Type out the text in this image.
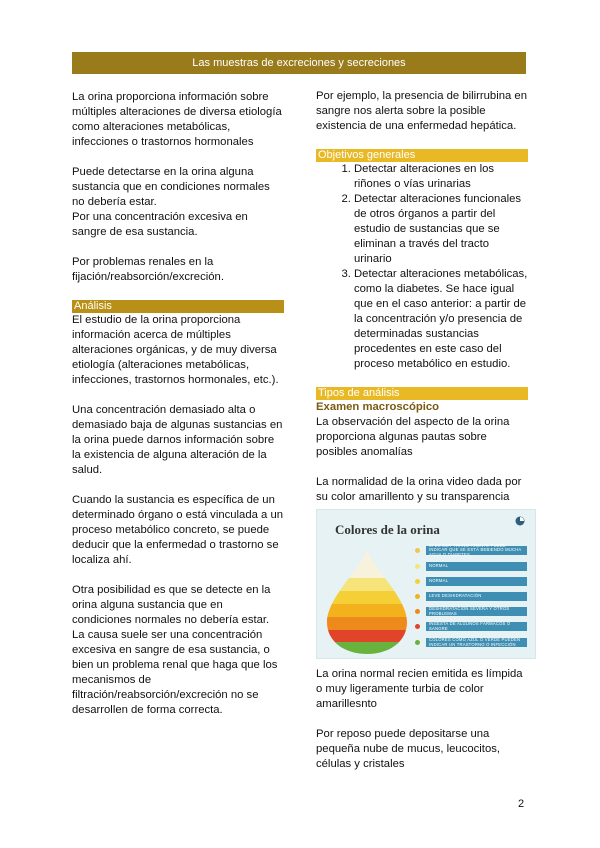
Las muestras de excreciones y secreciones

La orina proporciona información sobre múltiples alteraciones de diversa etiología como alteraciones metabólicas, infecciones o trastornos hormonales

Puede detectarse en la orina alguna sustancia que en condiciones normales no debería estar.

Por una concentración excesiva en sangre de esa sustancia.

Por problemas renales en la fijación/reabsorción/excreción.

Análisis

El estudio de la orina proporciona información acerca de múltiples alteraciones orgánicas, y de muy diversa etiología (alteraciones metabólicas, infecciones, trastornos hormonales, etc.).

Una concentración demasiado alta o demasiado baja de algunas sustancias en la orina puede darnos información sobre la existencia de alguna alteración de la salud.

Cuando la sustancia es específica de un determinado órgano o está vinculada a un proceso metabólico concreto, se puede deducir que la enfermedad o trastorno se localiza ahí.

Otra posibilidad es que se detecte en la orina alguna sustancia que en condiciones normales no debería estar. La causa suele ser una concentración excesiva en sangre de esa sustancia, o bien un problema renal que haga que los mecanismos de filtración/reabsorción/excreción no se desarrollen de forma correcta.

Por ejemplo, la presencia de bilirrubina en sangre nos alerta sobre la posible existencia de una enfermedad hepática.

Objetivos generales
1. Detectar alteraciones en los riñones o vías urinarias
2. Detectar alteraciones funcionales de otros órganos a partir del estudio de sustancias que se eliminan a través del tracto urinario
3. Detectar alteraciones metabólicas, como la diabetes. Se hace igual que en el caso anterior: a partir de la concentración y/o presencia de determinadas sustancias procedentes en este caso del proceso metabólico en estudio.
Tipos de análisis
Examen macroscópico

La observación del aspecto de la orina proporciona algunas pautas sobre posibles anomalías

La normalidad de la orina video dada por su color amarillento y su transparencia

Colores de la orina
SI ES MUY TRANSPARENTE PUEDE INDICAR QUE SE ESTÁ BEBIENDO MUCHA AGUA O DIABETES
NORMAL
NORMAL
LEVE DESHIDRATACIÓN
DESHIDRATACIÓN SEVERA Y OTROS PROBLEMAS
INGESTA DE ALGUNOS FÁRMACOS O SANGRE
COLORES COMO AZUL O VERDE PUEDEN INDICAR UN TRASTORNO O INFECCIÓN

La orina normal recien emitida es límpida o muy ligeramente turbia de color amarillesnto

Por reposo puede depositarse una pequeña nube de mucus, leucocitos, células y cristales

2
